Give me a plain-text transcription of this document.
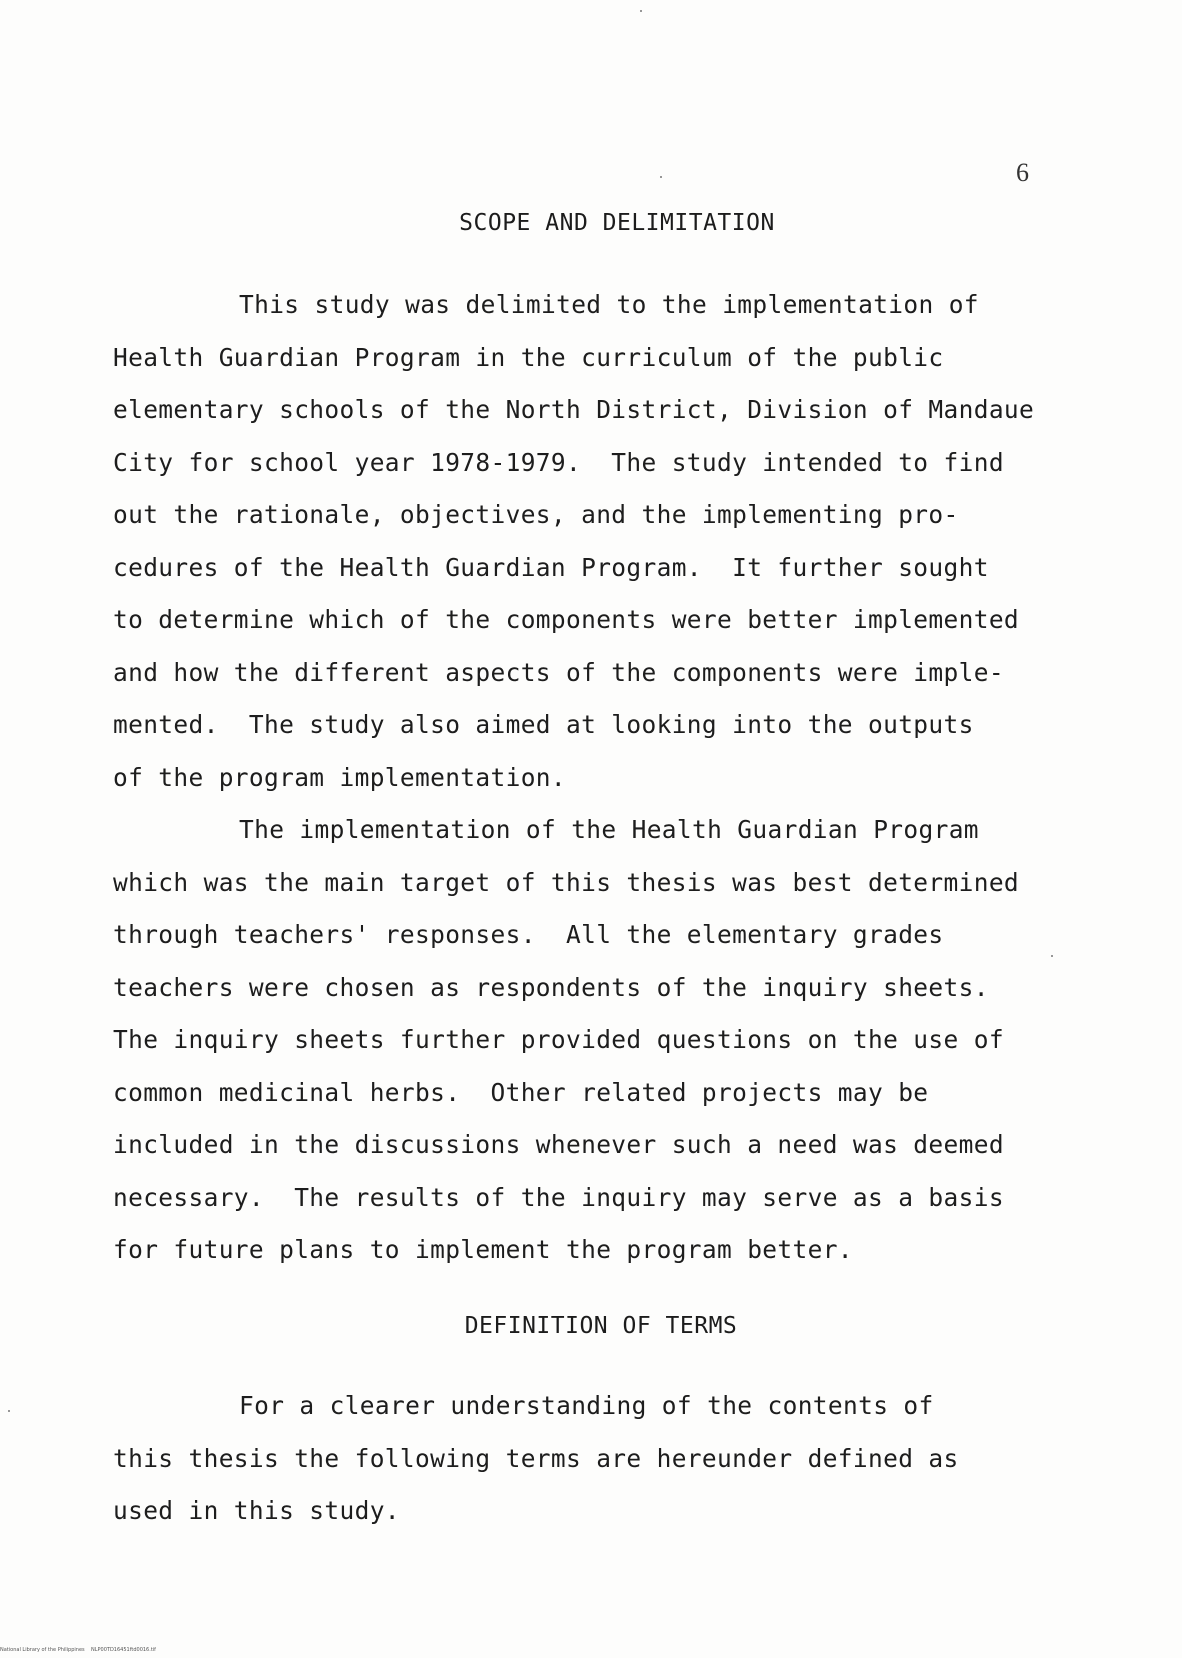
6
SCOPE AND DELIMITATION
This study was delimited to the implementation of
Health Guardian Program in the curriculum of the public
elementary schools of the North District, Division of Mandaue
City for school year 1978-1979.  The study intended to find
out the rationale, objectives, and the implementing pro-
cedures of the Health Guardian Program.  It further sought
to determine which of the components were better implemented
and how the different aspects of the components were imple-
mented.  The study also aimed at looking into the outputs
of the program implementation.
The implementation of the Health Guardian Program
which was the main target of this thesis was best determined
through teachers' responses.  All the elementary grades
teachers were chosen as respondents of the inquiry sheets.
The inquiry sheets further provided questions on the use of
common medicinal herbs.  Other related projects may be
included in the discussions whenever such a need was deemed
necessary.  The results of the inquiry may serve as a basis
for future plans to implement the program better.
DEFINITION OF TERMS
For a clearer understanding of the contents of
this thesis the following terms are hereunder defined as
used in this study.
National Library of the Philippines    NLP00TD16451ftd0016.tif
